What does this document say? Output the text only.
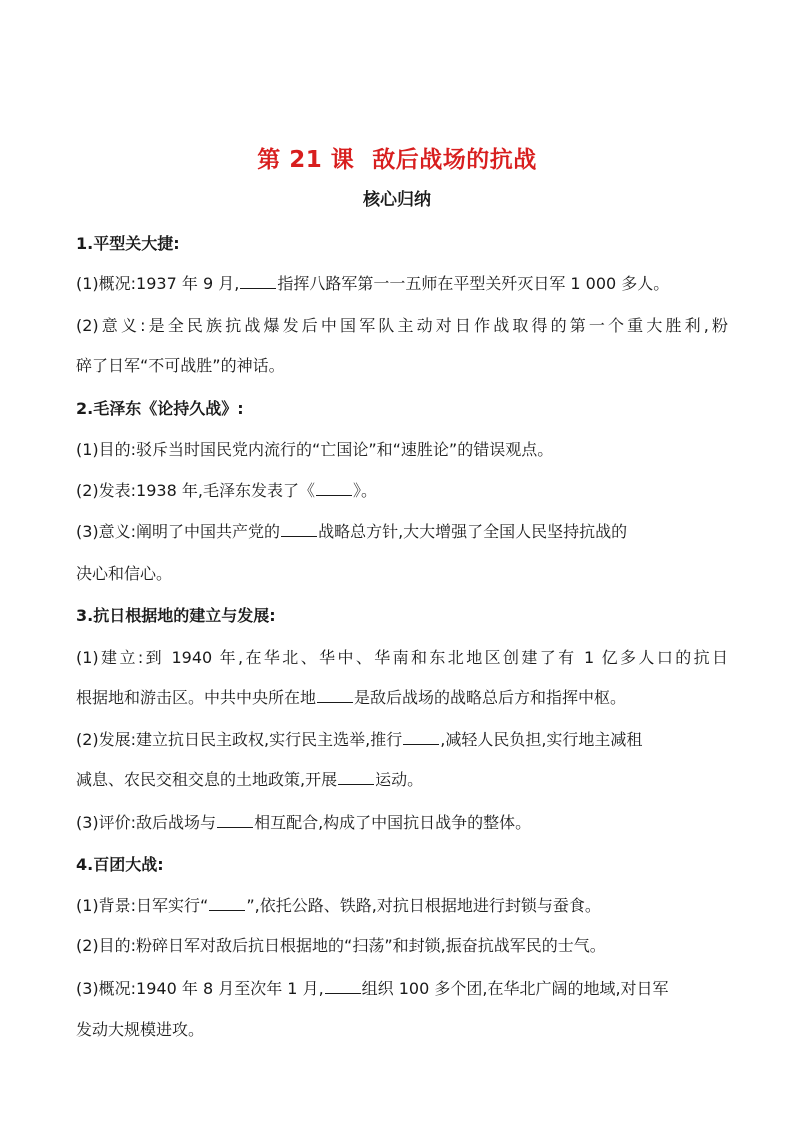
第 21 课 敌后战场的抗战
核心归纳
1.平型关大捷:
(1)概况:1937 年 9 月, 指挥八路军第一一五师在平型关歼灭日军 1 000 多人。
(2)意义:是全民族抗战爆发后中国军队主动对日作战取得的第一个重大胜利,粉
碎了日军“不可战胜”的神话。
2.毛泽东《论持久战》:
(1)目的:驳斥当时国民党内流行的“亡国论”和“速胜论”的错误观点。
(2)发表:1938 年,毛泽东发表了《 》。
(3)意义:阐明了中国共产党的 战略总方针,大大增强了全国人民坚持抗战的
决心和信心。
3.抗日根据地的建立与发展:
(1)建立:到 1940 年,在华北、华中、华南和东北地区创建了有 1 亿多人口的抗日
根据地和游击区。中共中央所在地 是敌后战场的战略总后方和指挥中枢。
(2)发展:建立抗日民主政权,实行民主选举,推行 ,减轻人民负担,实行地主减租
减息、农民交租交息的土地政策,开展 运动。
(3)评价:敌后战场与 相互配合,构成了中国抗日战争的整体。
4.百团大战:
(1)背景:日军实行“ ”,依托公路、铁路,对抗日根据地进行封锁与蚕食。
(2)目的:粉碎日军对敌后抗日根据地的“扫荡”和封锁,振奋抗战军民的士气。
(3)概况:1940 年 8 月至次年 1 月, 组织 100 多个团,在华北广阔的地域,对日军
发动大规模进攻。
